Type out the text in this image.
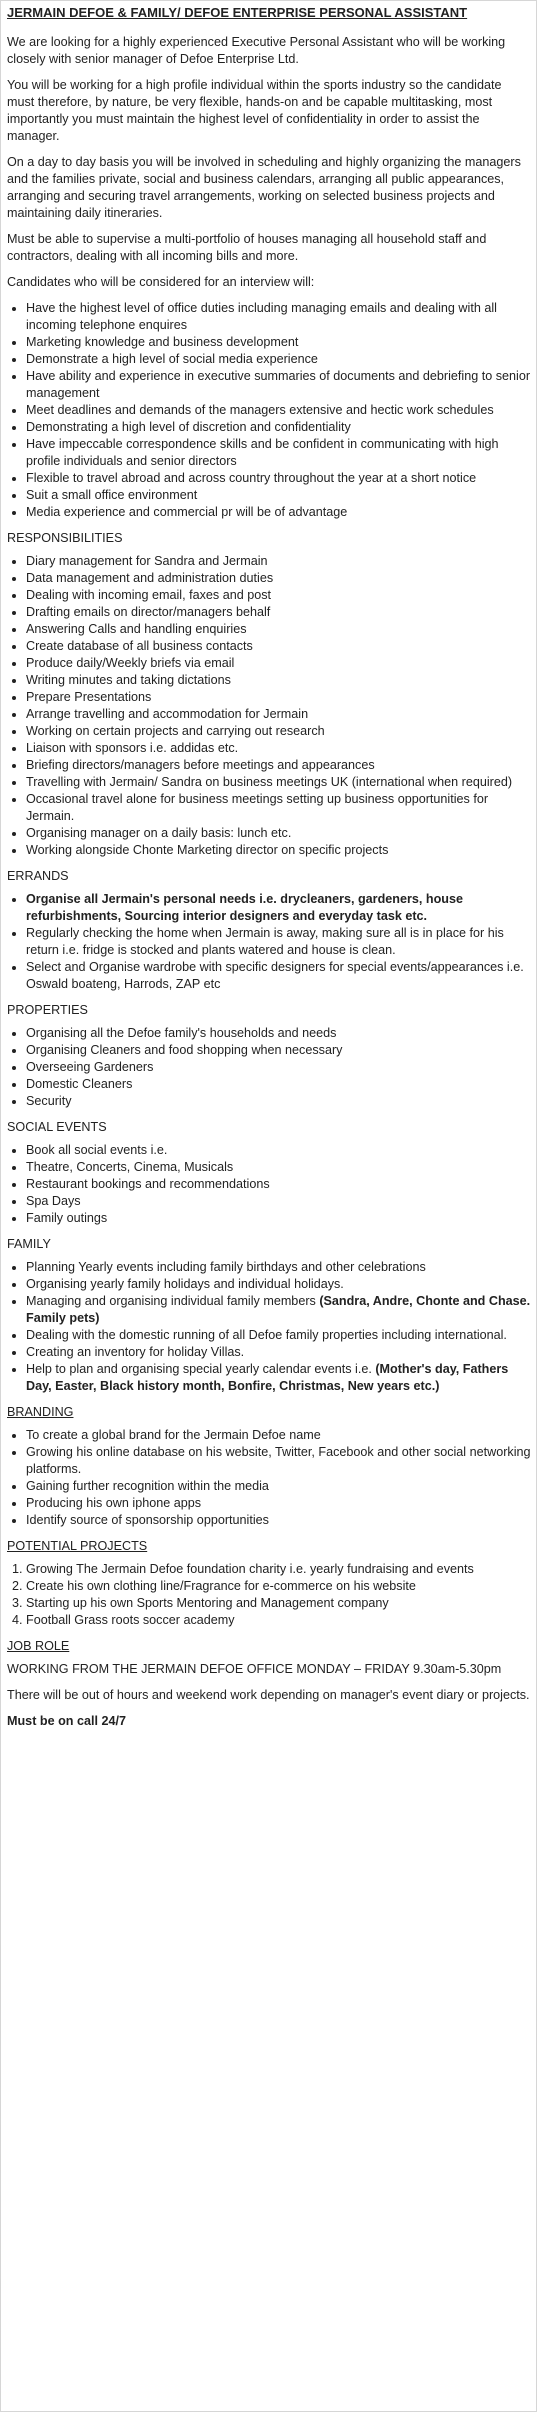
JERMAIN DEFOE & FAMILY/ DEFOE ENTERPRISE PERSONAL ASSISTANT

We are looking for a highly experienced Executive Personal Assistant who will be working closely with senior manager of Defoe Enterprise Ltd.

You will be working for a high profile individual within the sports industry so the candidate must therefore, by nature, be very flexible, hands-on and be capable multitasking, most importantly you must maintain the highest level of confidentiality in order to assist the manager.

On a day to day basis you will be involved in scheduling and highly organizing the managers and the families private, social and business calendars, arranging all public appearances, arranging and securing travel arrangements, working on selected business projects and maintaining daily itineraries.

Must be able to supervise a multi-portfolio of houses managing all household staff and contractors, dealing with all incoming bills and more.

Candidates who will be considered for an interview will:

• Have the highest level of office duties including managing emails and dealing with all incoming telephone enquires
• Marketing knowledge and business development
• Demonstrate a high level of social media experience
• Have ability and experience in executive summaries of documents and debriefing to senior management
• Meet deadlines and demands of the managers extensive and hectic work schedules
• Demonstrating a high level of discretion and confidentiality
• Have impeccable correspondence skills and be confident in communicating with high profile individuals and senior directors
• Flexible to travel abroad and across country throughout the year at a short notice
• Suit a small office environment
• Media experience and commercial pr will be of advantage
RESPONSIBILITIES
• Diary management for Sandra and Jermain
• Data management and administration duties
• Dealing with incoming email, faxes and post
• Drafting emails on director/managers behalf
• Answering Calls and handling enquiries
• Create database of all business contacts
• Produce daily/Weekly briefs via email
• Writing minutes and taking dictations
• Prepare Presentations
• Arrange travelling and accommodation for Jermain
• Working on certain projects and carrying out research
• Liaison with sponsors i.e. addidas etc.
• Briefing directors/managers before meetings and appearances
• Travelling with Jermain/ Sandra on business meetings UK (international when required)
• Occasional travel alone for business meetings setting up business opportunities for Jermain.
• Organising manager on a daily basis: lunch etc.
• Working alongside Chonte Marketing director on specific projects
ERRANDS
• Organise all Jermain's personal needs i.e. drycleaners, gardeners, house refurbishments, Sourcing interior designers and everyday task etc.
• Regularly checking the home when Jermain is away, making sure all is in place for his return i.e. fridge is stocked and plants watered and house is clean.
• Select and Organise wardrobe with specific designers for special events/appearances i.e. Oswald boateng, Harrods, ZAP etc
PROPERTIES
• Organising all the Defoe family's households and needs
• Organising Cleaners and food shopping when necessary
• Overseeing Gardeners
• Domestic Cleaners
• Security
SOCIAL EVENTS
• Book all social events i.e.
• Theatre, Concerts, Cinema, Musicals
• Restaurant bookings and recommendations
• Spa Days
• Family outings
FAMILY
• Planning Yearly events including family birthdays and other celebrations
• Organising yearly family holidays and individual holidays.
• Managing and organising individual family members (Sandra, Andre, Chonte and Chase. Family pets)
• Dealing with the domestic running of all Defoe family properties including international.
• Creating an inventory for holiday Villas.
• Help to plan and organising special yearly calendar events i.e. (Mother's day, Fathers Day, Easter, Black history month, Bonfire, Christmas, New years etc.)
BRANDING
• To create a global brand for the Jermain Defoe name
• Growing his online database on his website, Twitter, Facebook and other social networking platforms.
• Gaining further recognition within the media
• Producing his own iphone apps
• Identify source of sponsorship opportunities
POTENTIAL PROJECTS
1. Growing The Jermain Defoe foundation charity i.e. yearly fundraising and events
2. Create his own clothing line/Fragrance for e-commerce on his website
3. Starting up his own Sports Mentoring and Management company
4. Football Grass roots soccer academy
JOB ROLE

WORKING FROM THE JERMAIN DEFOE OFFICE MONDAY – FRIDAY 9.30am-5.30pm

There will be out of hours and weekend work depending on manager's event diary or projects.

Must be on call 24/7
